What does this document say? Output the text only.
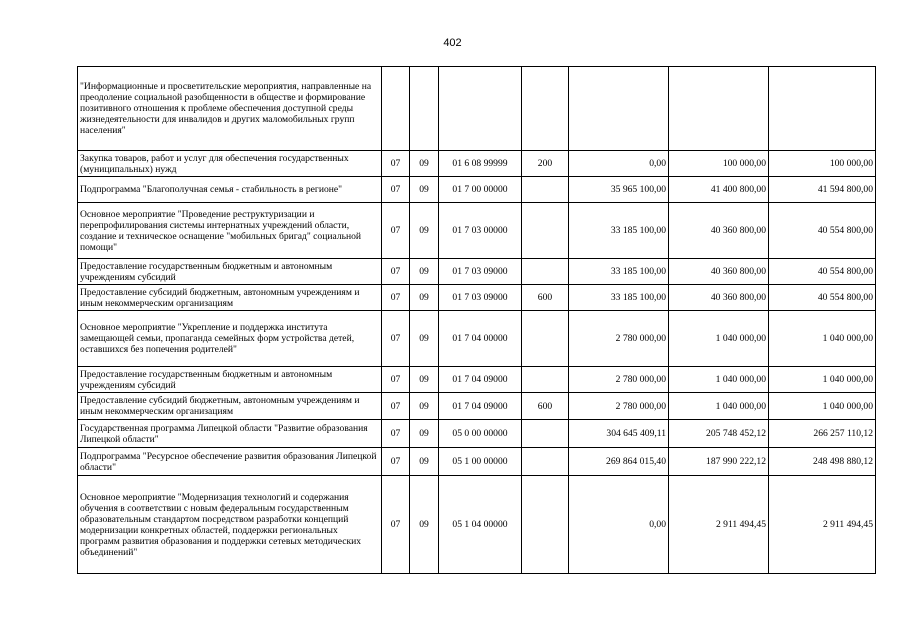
402
"Информационные и просветительские мероприятия, направленные на преодоление социальной разобщенности в обществе и формирование позитивного отношения к проблеме обеспечения доступной среды жизнедеятельности для инвалидов и других маломобильных групп населения"							
Закупка товаров, работ и услуг для обеспечения государственных (муниципальных) нужд	07	09	01 6 08 99999	200	0,00	100 000,00	100 000,00
Подпрограмма "Благополучная семья - стабильность в регионе"	07	09	01 7 00 00000		35 965 100,00	41 400 800,00	41 594 800,00
Основное мероприятие "Проведение реструктуризации и перепрофилирования системы интернатных учреждений области, создание и техническое оснащение "мобильных бригад" социальной помощи"	07	09	01 7 03 00000		33 185 100,00	40 360 800,00	40 554 800,00
Предоставление государственным бюджетным и автономным учреждениям субсидий	07	09	01 7 03 09000		33 185 100,00	40 360 800,00	40 554 800,00
Предоставление субсидий бюджетным, автономным учреждениям и иным некоммерческим организациям	07	09	01 7 03 09000	600	33 185 100,00	40 360 800,00	40 554 800,00
Основное мероприятие "Укрепление и поддержка института замещающей семьи, пропаганда семейных форм устройства детей, оставшихся без попечения родителей"	07	09	01 7 04 00000		2 780 000,00	1 040 000,00	1 040 000,00
Предоставление государственным бюджетным и автономным учреждениям субсидий	07	09	01 7 04 09000		2 780 000,00	1 040 000,00	1 040 000,00
Предоставление субсидий бюджетным, автономным учреждениям и иным некоммерческим организациям	07	09	01 7 04 09000	600	2 780 000,00	1 040 000,00	1 040 000,00
Государственная программа Липецкой области "Развитие образования Липецкой области"	07	09	05 0 00 00000		304 645 409,11	205 748 452,12	266 257 110,12
Подпрограмма "Ресурсное обеспечение развития образования Липецкой области"	07	09	05 1 00 00000		269 864 015,40	187 990 222,12	248 498 880,12
Основное мероприятие "Модернизация технологий и содержания обучения в соответствии с новым федеральным государственным образовательным стандартом посредством разработки концепций модернизации конкретных областей, поддержки региональных программ развития образования и поддержки сетевых методических объединений"	07	09	05 1 04 00000		0,00	2 911 494,45	2 911 494,45
